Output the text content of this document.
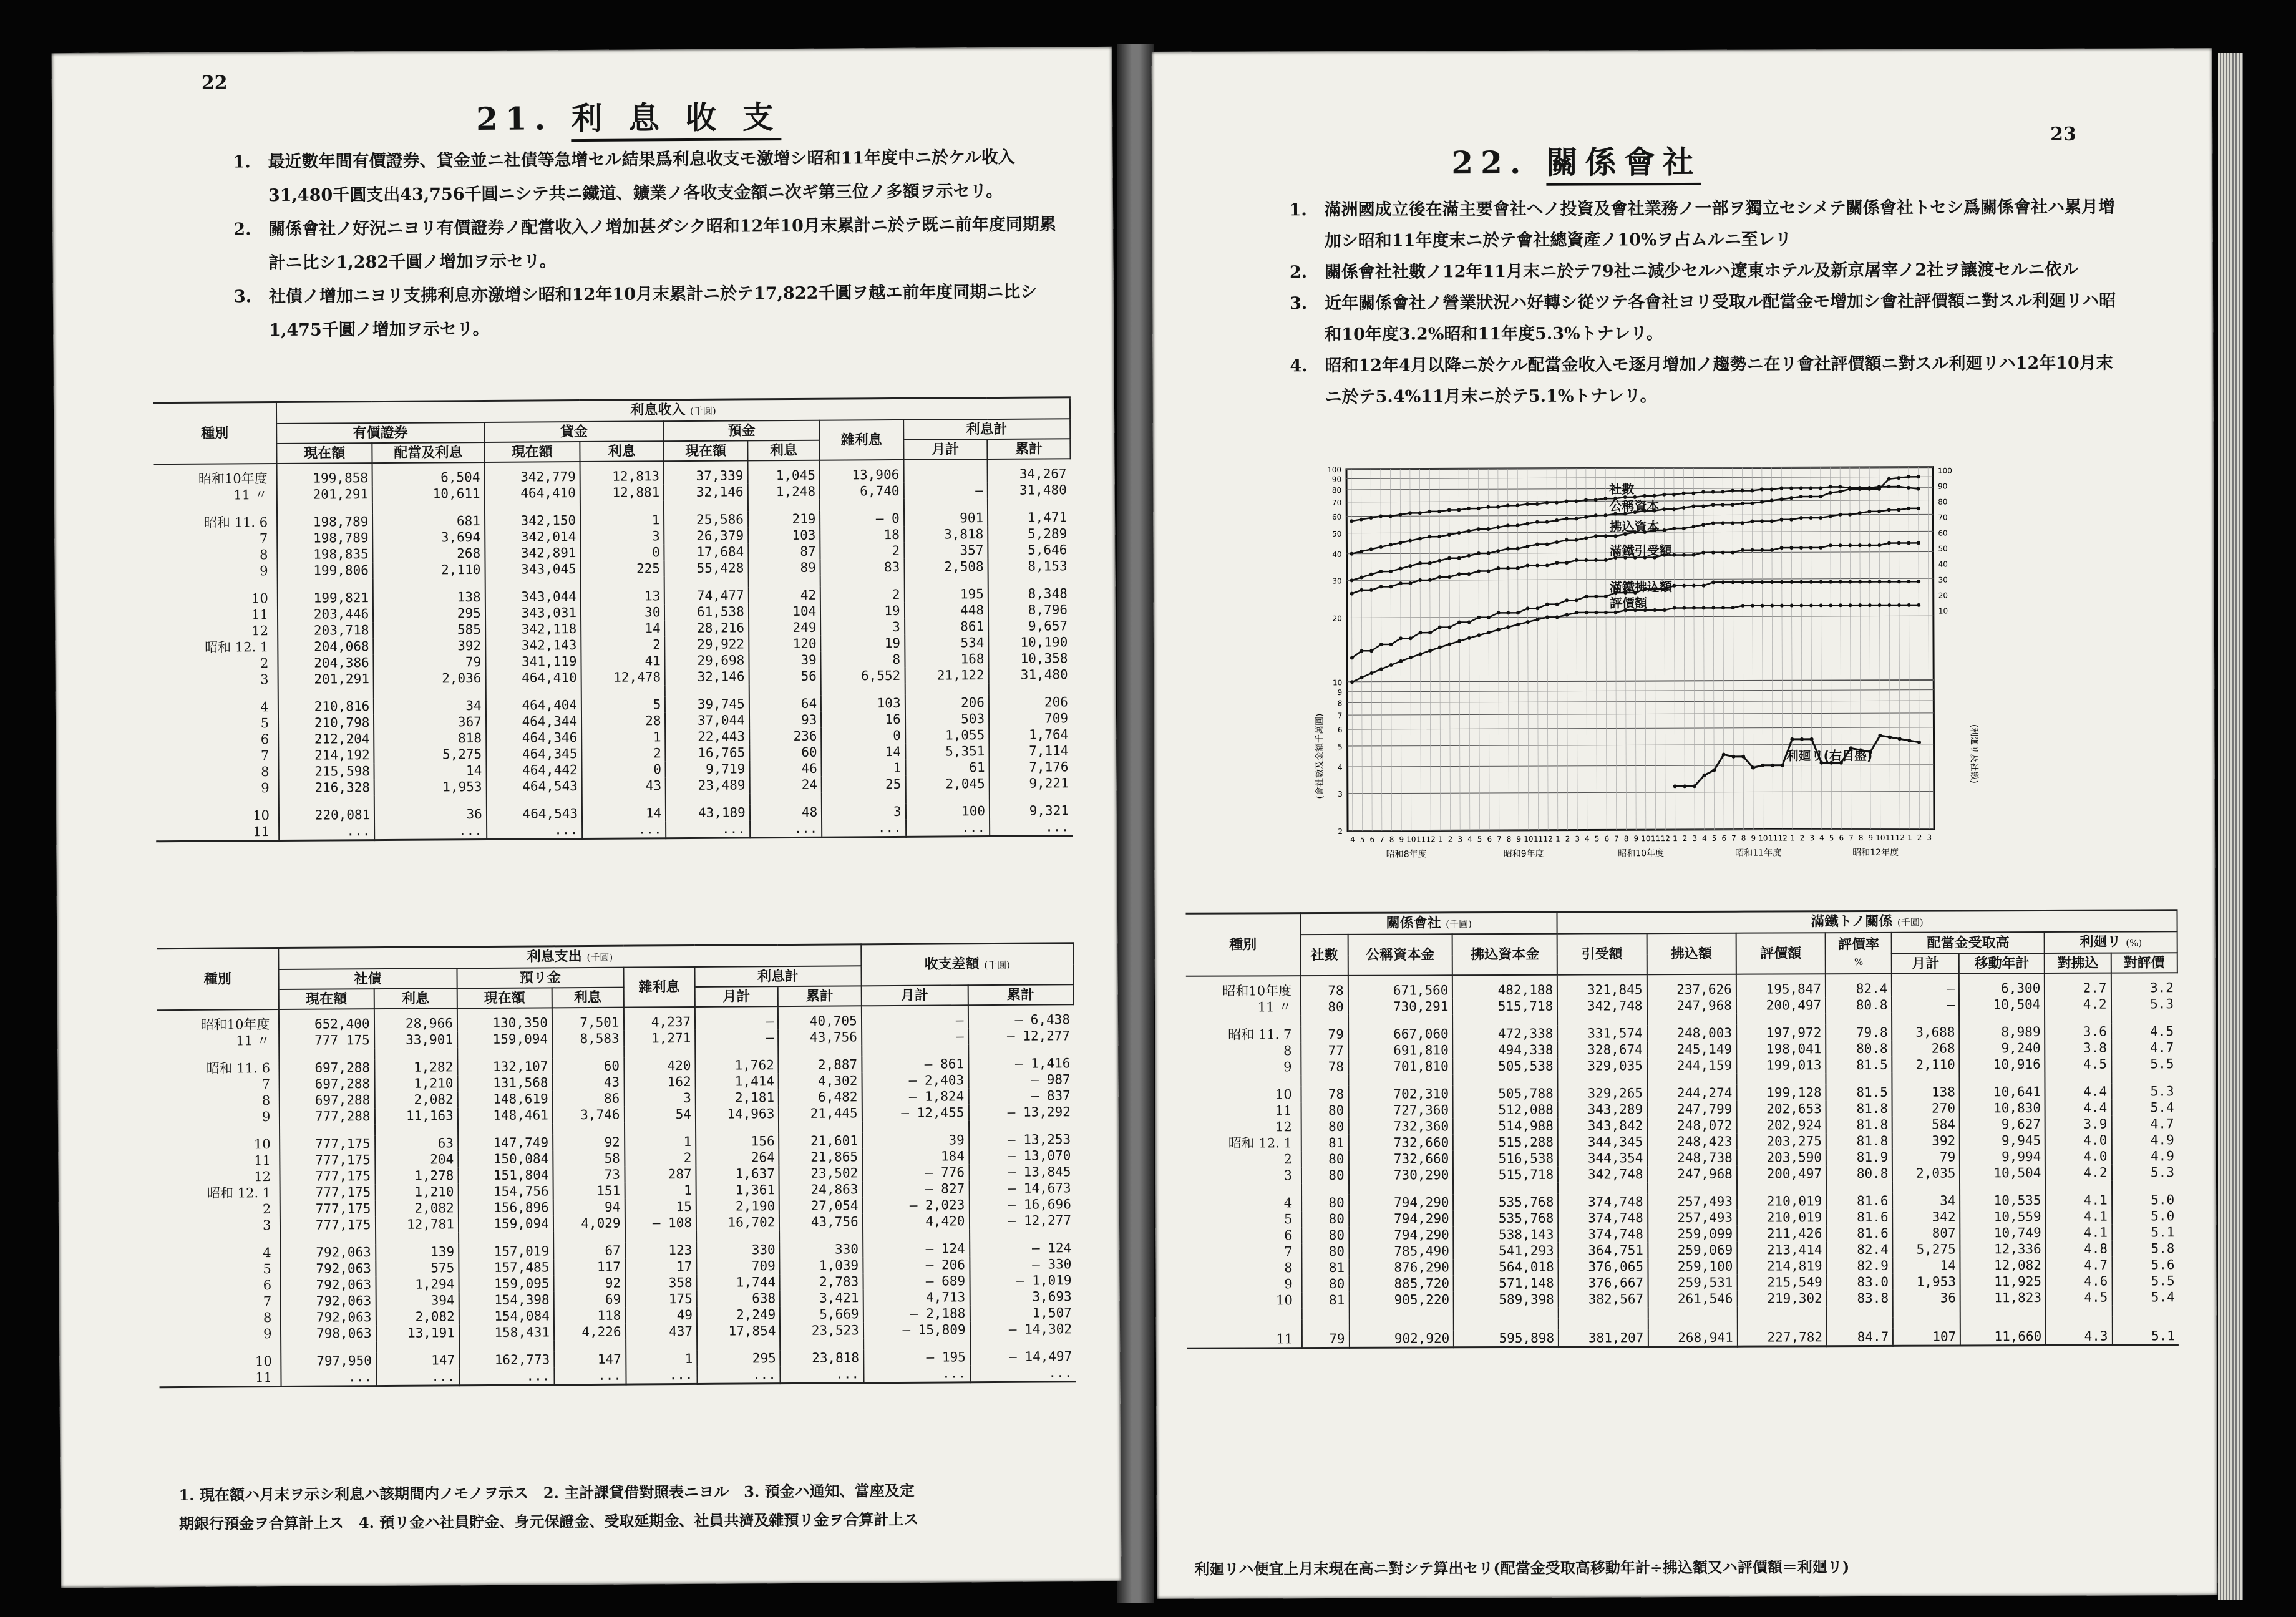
22
21. 利 息 收 支
1. 最近數年間有價證券、貸金並ニ社債等急增セル結果爲利息收支モ激增シ昭和11年度中ニ於ケル收入31,480千圓支出43,756千圓ニシテ共ニ鐵道、鑛業ノ各收支金額ニ次ギ第三位ノ多額ヲ示セリ。
2. 關係會社ノ好況ニヨリ有價證券ノ配當收入ノ增加甚ダシク昭和12年10月末累計ニ於テ既ニ前年度同期累計ニ比シ1,282千圓ノ增加ヲ示セリ。
3. 社債ノ增加ニヨリ支拂利息亦激增シ昭和12年10月末累計ニ於テ17,822千圓ヲ越エ前年度同期ニ比シ1,475千圓ノ增加ヲ示セリ。
種別	利息收入 (千圓)								
	有價證券		貸金		預金		雜利息	利息計	
	現在額	配當及利息	現在額	利息	現在額	利息		月計	累計
昭和10年度	199,858	6,504	342,779	12,813	37,339	1,045	13,906		34,267
11 〃	201,291	10,611	464,410	12,881	32,146	1,248	6,740	—	31,480

昭和 11. 6	198,789	681	342,150	1	25,586	219	— 0	901	1,471
7	198,789	3,694	342,014	3	26,379	103	18	3,818	5,289
8	198,835	268	342,891	0	17,684	87	2	357	5,646
9	199,806	2,110	343,045	225	55,428	89	83	2,508	8,153

10	199,821	138	343,044	13	74,477	42	2	195	8,348
11	203,446	295	343,031	30	61,538	104	19	448	8,796
12	203,718	585	342,118	14	28,216	249	3	861	9,657
昭和 12. 1	204,068	392	342,143	2	29,922	120	19	534	10,190
2	204,386	79	341,119	41	29,698	39	8	168	10,358
3	201,291	2,036	464,410	12,478	32,146	56	6,552	21,122	31,480

4	210,816	34	464,404	5	39,745	64	103	206	206
5	210,798	367	464,344	28	37,044	93	16	503	709
6	212,204	818	464,346	1	22,443	236	0	1,055	1,764
7	214,192	5,275	464,345	2	16,765	60	14	5,351	7,114
8	215,598	14	464,442	0	9,719	46	1	61	7,176
9	216,328	1,953	464,543	43	23,489	24	25	2,045	9,221

10	220,081	36	464,543	14	43,189	48	3	100	9,321
11	...	...	...	...	...	...	...	...	...
種別	利息支出 (千圓)							收支差額 (千圓)	
	社債		預リ金		雜利息	利息計			
	現在額	利息	現在額	利息		月計	累計	月計	累計
昭和10年度	652,400	28,966	130,350	7,501	4,237	—	40,705	—	— 6,438
11 〃	777 175	33,901	159,094	8,583	1,271	—	43,756	—	— 12,277

昭和 11. 6	697,288	1,282	132,107	60	420	1,762	2,887	— 861	— 1,416
7	697,288	1,210	131,568	43	162	1,414	4,302	— 2,403	— 987
8	697,288	2,082	148,619	86	3	2,181	6,482	— 1,824	— 837
9	777,288	11,163	148,461	3,746	54	14,963	21,445	— 12,455	— 13,292

10	777,175	63	147,749	92	1	156	21,601	39	— 13,253
11	777,175	204	150,084	58	2	264	21,865	184	— 13,070
12	777,175	1,278	151,804	73	287	1,637	23,502	— 776	— 13,845
昭和 12. 1	777,175	1,210	154,756	151	1	1,361	24,863	— 827	— 14,673
2	777,175	2,082	156,896	94	15	2,190	27,054	— 2,023	— 16,696
3	777,175	12,781	159,094	4,029	— 108	16,702	43,756	4,420	— 12,277

4	792,063	139	157,019	67	123	330	330	— 124	— 124
5	792,063	575	157,485	117	17	709	1,039	— 206	— 330
6	792,063	1,294	159,095	92	358	1,744	2,783	— 689	— 1,019
7	792,063	394	154,398	69	175	638	3,421	4,713	3,693
8	792,063	2,082	154,084	118	49	2,249	5,669	— 2,188	1,507
9	798,063	13,191	158,431	4,226	437	17,854	23,523	— 15,809	— 14,302

10	797,950	147	162,773	147	1	295	23,818	— 195	— 14,497
11	...	...	...	...	...	...	...	...	...
1. 現在額ハ月末ヲ示シ利息ハ該期間内ノモノヲ示ス　2. 主計課貸借對照表ニヨル　3. 預金ハ通知、當座及定
期銀行預金ヲ合算計上ス　4. 預リ金ハ社員貯金、身元保證金、受取延期金、社員共濟及雜預リ金ヲ合算計上ス
23
22. 關係會社
1. 滿洲國成立後在滿主要會社ヘノ投資及會社業務ノ一部ヲ獨立セシメテ關係會社トセシ爲關係會社ハ累月增加シ昭和11年度末ニ於テ會社總資產ノ10%ヲ占ムルニ至レリ
2. 關係會社社數ノ12年11月末ニ於テ79社ニ減少セルハ遼東ホテル及新京屠宰ノ2社ヲ讓渡セルニ依ル
3. 近年關係會社ノ營業狀況ハ好轉シ從ツテ各會社ヨリ受取ル配當金モ增加シ會社評價額ニ對スル利廻リハ昭和10年度3.2%昭和11年度5.3%トナレリ。
4. 昭和12年4月以降ニ於ケル配當金收入モ逐月增加ノ趨勢ニ在リ會社評價額ニ對スル利廻リハ12年10月末ニ於テ5.4%11月末ニ於テ5.1%トナレリ。
2
3
4
5
6
7
8
9
10
20
30
40
50
60
70
80
90
100	100
90
80
70
60
50
40
30
20
10
4 5 6 7 8 9 10 11 12 1 2 3 4 5 6 7 8 9 10 11 12 1 2 3 4 5 6 7 8 9 10 11 12 1 2 3 4 5 6 7 8 9 10 11 12 1 2 3 4 5 6 7 8 9 10 11 12 1 2 3
昭和8年度	昭和9年度	昭和10年度	昭和11年度	昭和12年度
(會社數及金額千萬圓)	(利廻リ及社數)
社數
公稱資本
拂込資本
滿鐵引受額
滿鐵拂込額
評價額
利廻リ(右目盛)
種別	關係會社 (千圓)			滿鐵トノ關係 (千圓)							
	社數	公稱資本金	拂込資本金	引受額	拂込額	評價額	評價率
%	配當金受取高		利廻リ (%)	
								月計	移動年計	對拂込	對評價
昭和10年度	78	671,560	482,188	321,845	237,626	195,847	82.4	—	6,300	2.7	3.2
11 〃	80	730,291	515,718	342,748	247,968	200,497	80.8	—	10,504	4.2	5.3

昭和 11. 7	79	667,060	472,338	331,574	248,003	197,972	79.8	3,688	8,989	3.6	4.5
8	77	691,810	494,338	328,674	245,149	198,041	80.8	268	9,240	3.8	4.7
9	78	701,810	505,538	329,035	244,159	199,013	81.5	2,110	10,916	4.5	5.5

10	78	702,310	505,788	329,265	244,274	199,128	81.5	138	10,641	4.4	5.3
11	80	727,360	512,088	343,289	247,799	202,653	81.8	270	10,830	4.4	5.4
12	80	732,360	514,988	343,842	248,072	202,924	81.8	584	9,627	3.9	4.7
昭和 12. 1	81	732,660	515,288	344,345	248,423	203,275	81.8	392	9,945	4.0	4.9
2	80	732,660	516,538	344,354	248,738	203,590	81.9	79	9,994	4.0	4.9
3	80	730,290	515,718	342,748	247,968	200,497	80.8	2,035	10,504	4.2	5.3

4	80	794,290	535,768	374,748	257,493	210,019	81.6	34	10,535	4.1	5.0
5	80	794,290	535,768	374,748	257,493	210,019	81.6	342	10,559	4.1	5.0
6	80	794,290	538,143	374,748	259,099	211,426	81.6	807	10,749	4.1	5.1
7	80	785,490	541,293	364,751	259,069	213,414	82.4	5,275	12,336	4.8	5.8
8	81	876,290	564,018	376,065	259,100	214,819	82.9	14	12,082	4.7	5.6
9	80	885,720	571,148	376,667	259,531	215,549	83.0	1,953	11,925	4.6	5.5
10	81	905,220	589,398	382,567	261,546	219,302	83.8	36	11,823	4.5	5.4

11	79	902,920	595,898	381,207	268,941	227,782	84.7	107	11,660	4.3	5.1
利廻リハ便宜上月末現在高ニ對シテ算出セリ(配當金受取高移動年計÷拂込額又ハ評價額＝利廻リ)
